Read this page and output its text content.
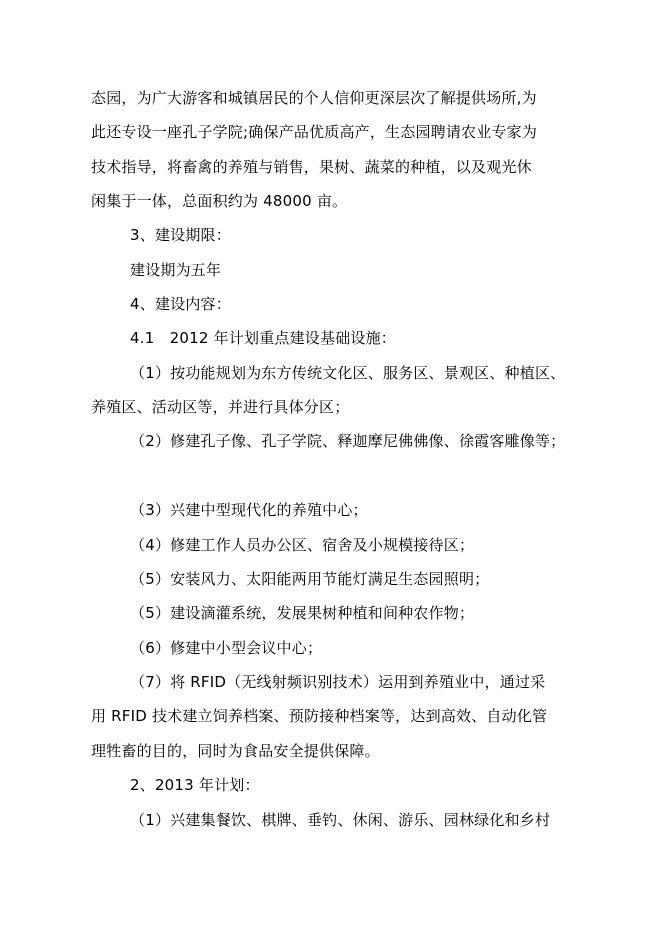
态园，为广大游客和城镇居民的个人信仰更深层次了解提供场所,为
此还专设一座孔子学院;确保产品优质高产，生态园聘请农业专家为
技术指导，将畜禽的养殖与销售，果树、蔬菜的种植，以及观光休
闲集于一体，总面积约为 48000 亩。
3、建设期限：
建设期为五年
4、建设内容：
4.1　2012 年计划重点建设基础设施：
（1）按功能规划为东方传统文化区、服务区、景观区、种植区、
养殖区、活动区等，并进行具体分区；
（2）修建孔子像、孔子学院、释迦摩尼佛佛像、徐霞客雕像等；
（3）兴建中型现代化的养殖中心；
（4）修建工作人员办公区、宿舍及小规模接待区；
（5）安装风力、太阳能两用节能灯满足生态园照明；
（5）建设滴灌系统，发展果树种植和间种农作物；
（6）修建中小型会议中心；
（7）将 RFID（无线射频识别技术）运用到养殖业中，通过采
用 RFID 技术建立饲养档案、预防接种档案等，达到高效、自动化管
理牲畜的目的，同时为食品安全提供保障。
2、2013 年计划：
（1）兴建集餐饮、棋牌、垂钓、休闲、游乐、园林绿化和乡村
